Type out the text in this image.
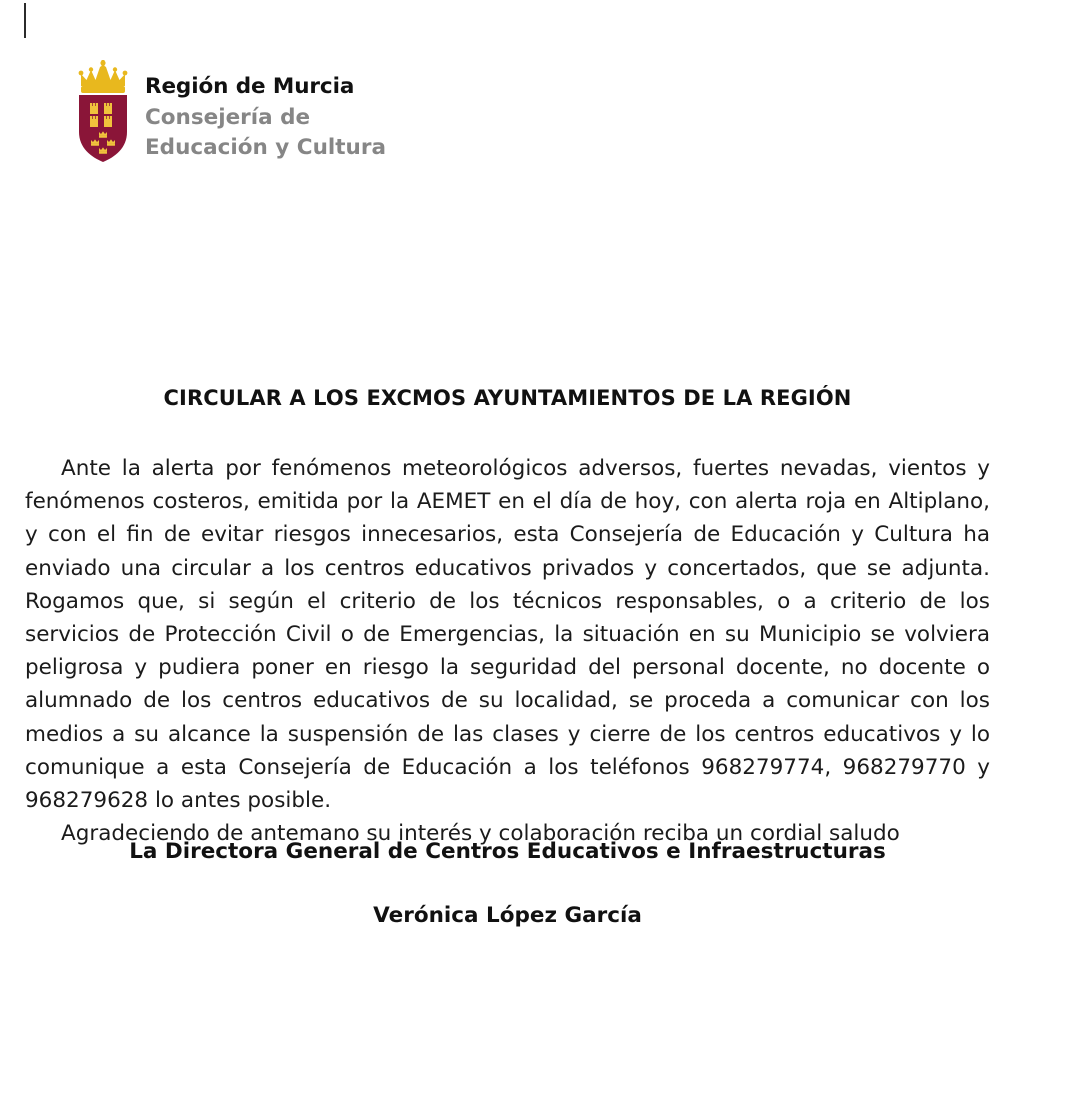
Región de Murcia
Consejería de Educación y Cultura
CIRCULAR A LOS EXCMOS AYUNTAMIENTOS DE LA REGIÓN

Ante la alerta por fenómenos meteorológicos adversos, fuertes nevadas, vientos y fenómenos costeros, emitida por la AEMET en el día de hoy, con alerta roja en Altiplano, y con el fin de evitar riesgos innecesarios, esta Consejería de Educación y Cultura ha enviado una circular a los centros educativos privados y concertados, que se adjunta. Rogamos que, si según el criterio de los técnicos responsables, o a criterio de los servicios de Protección Civil o de Emergencias, la situación en su Municipio se volviera peligrosa y pudiera poner en riesgo la seguridad del personal docente, no docente o alumnado de los centros educativos de su localidad, se proceda a comunicar con los medios a su alcance la suspensión de las clases y cierre de los centros educativos y lo comunique a esta Consejería de Educación a los teléfonos 968279774, 968279770 y 968279628 lo antes posible.

Agradeciendo de antemano su interés y colaboración reciba un cordial saludo

La Directora General de Centros Educativos e Infraestructuras
Verónica López García
